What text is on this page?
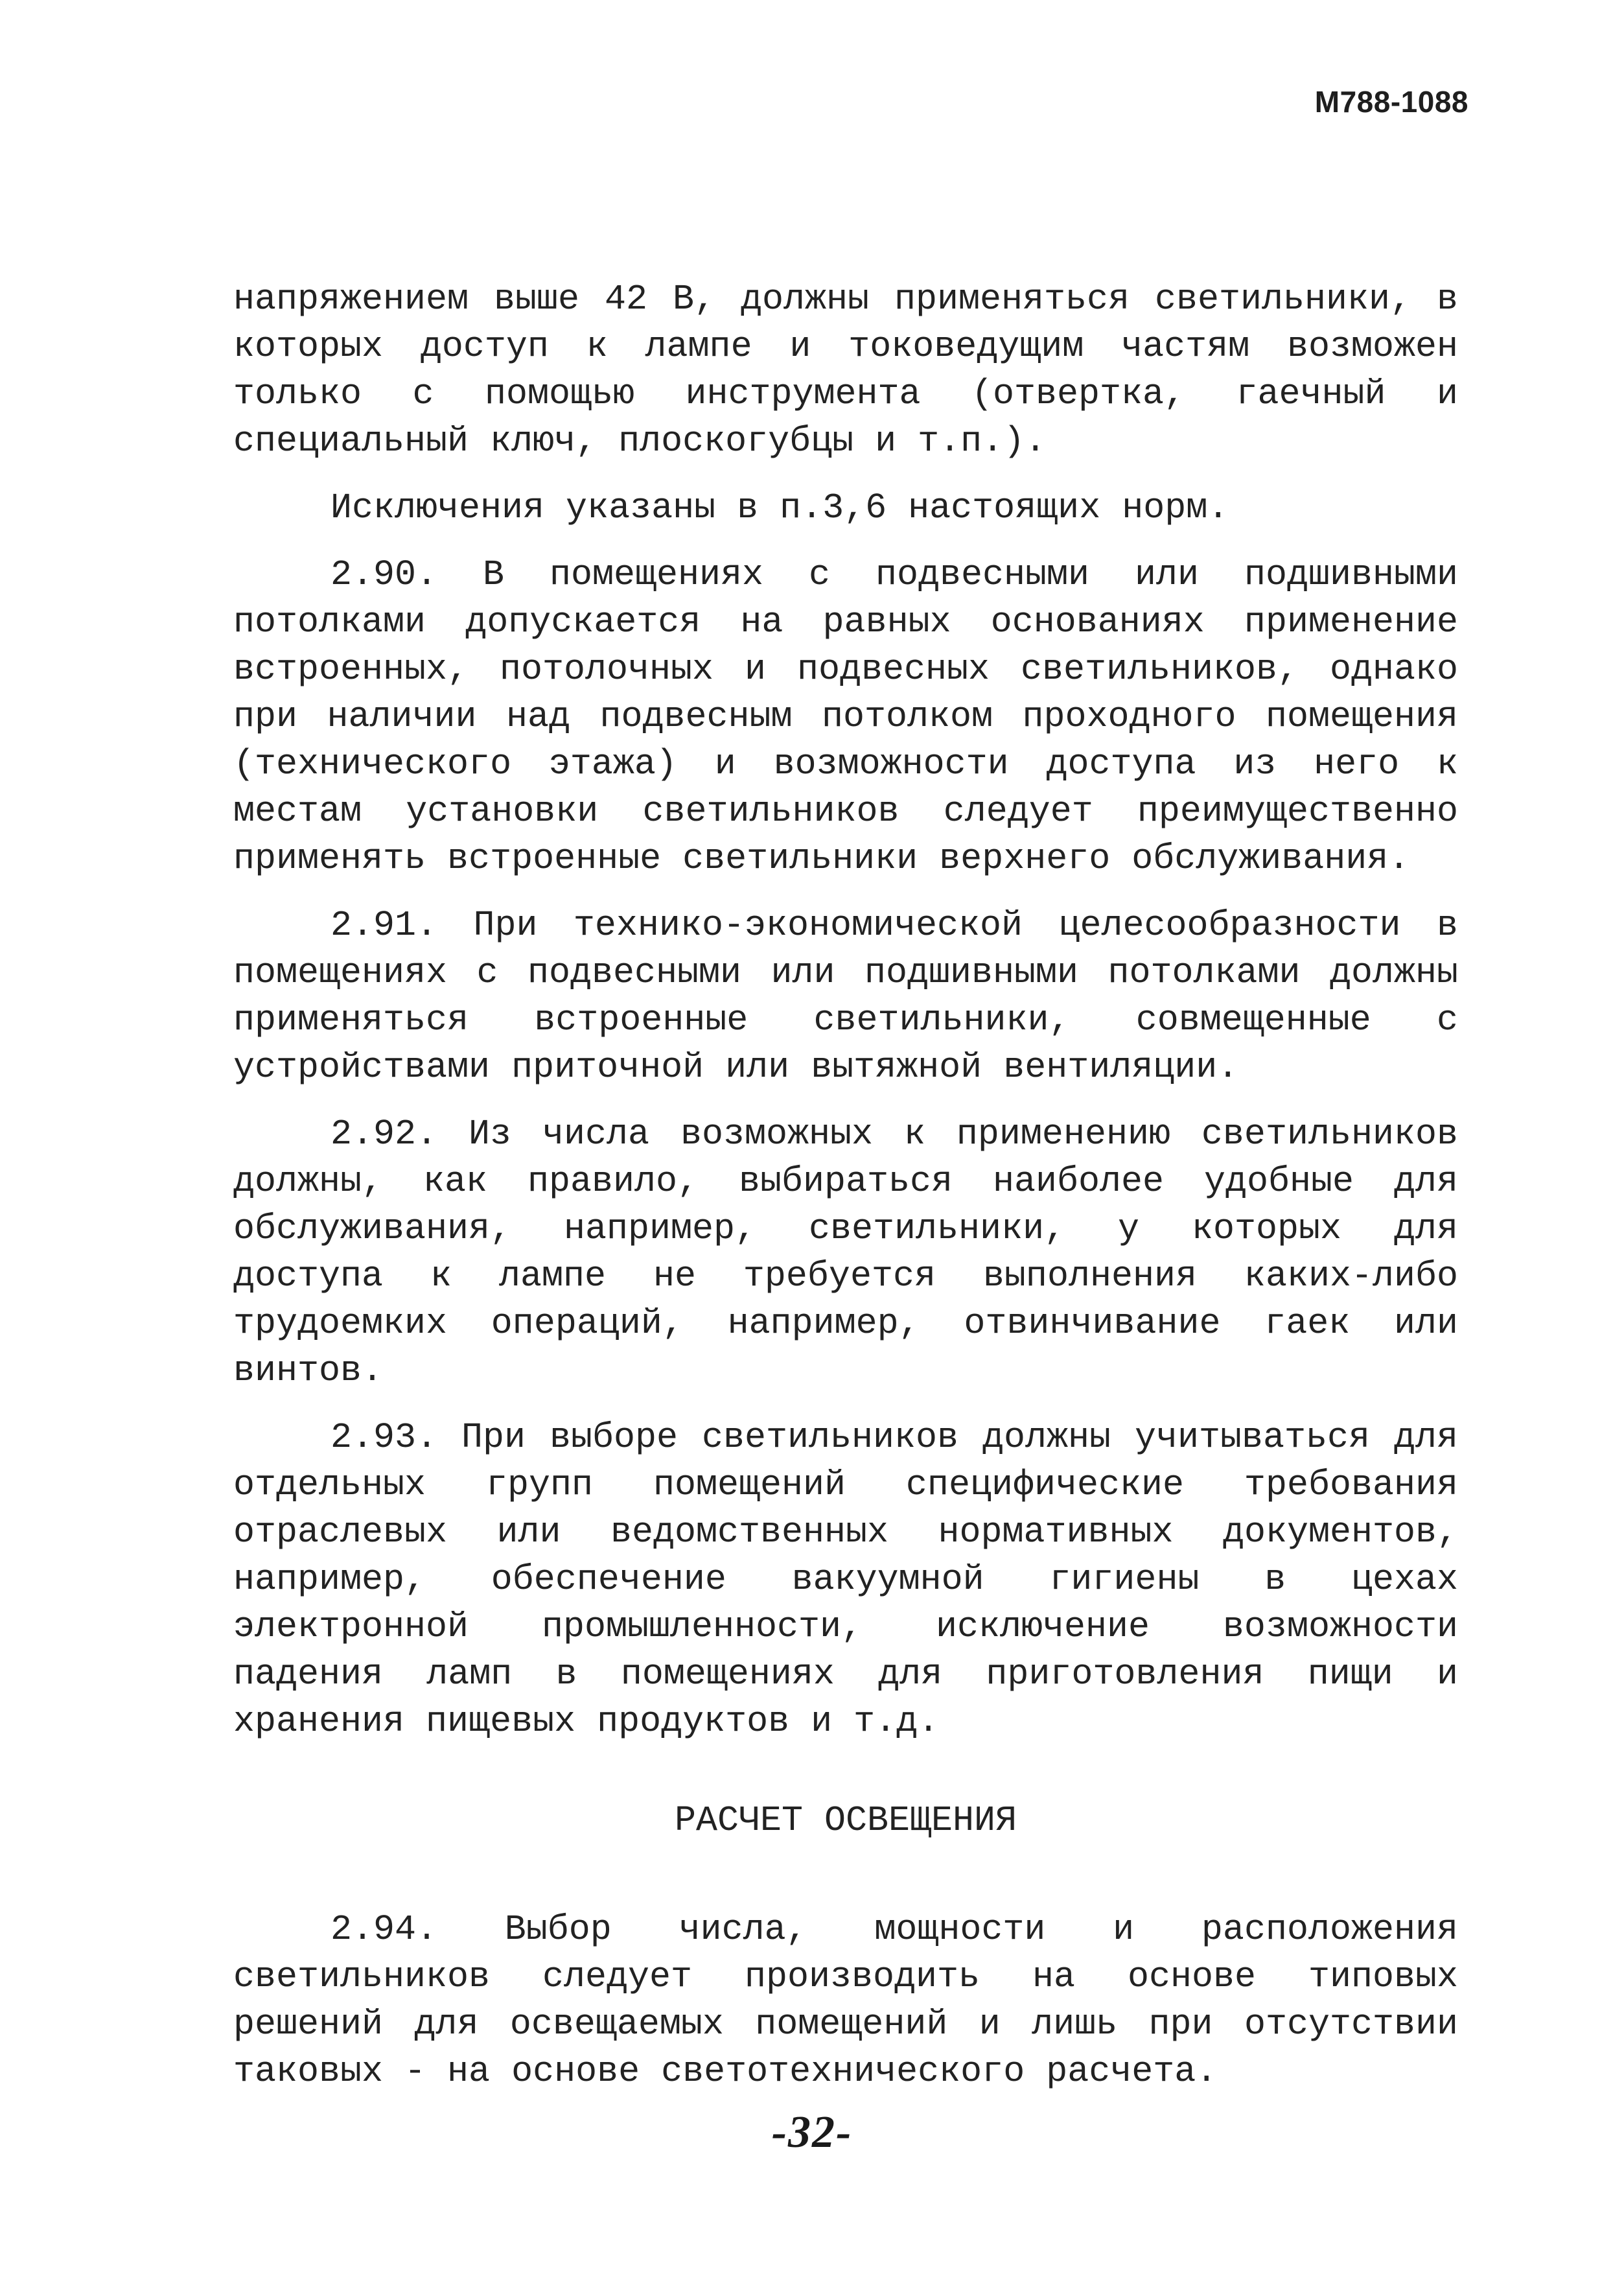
М788-1088

напряжением выше 42 В, должны применяться светильники, в которых доступ к лампе и токоведущим частям возможен только с помощью инструмента (отвертка, гаечный и специальный ключ, плоскогубцы и т.п.).

Исключения указаны в п.3,6 настоящих норм.

2.90. В помещениях с подвесными или подшивными потолками допускается на равных основаниях применение встроенных, потолочных и подвесных светильников, однако при наличии над подвесным потолком проходного помещения (технического этажа) и возможности доступа из него к местам установки светильников следует преимущественно применять встроенные светильники верхнего обслуживания.

2.91. При технико-экономической целесообразности в помещениях с подвесными или подшивными потолками должны применяться встроенные светильники, совмещенные с устройствами приточной или вытяжной вентиляции.

2.92. Из числа возможных к применению светильников должны, как правило, выбираться наиболее удобные для обслуживания, например, светильники, у которых для доступа к лампе не требуется выполнения каких-либо трудоемких операций, например, отвинчивание гаек или винтов.

2.93. При выборе светильников должны учитываться для отдельных групп помещений специфические требования отраслевых или ведомственных нормативных документов, например, обеспечение вакуумной гигиены в цехах электронной промышленности, исключение возможности падения ламп в помещениях для приготовления пищи и хранения пищевых продуктов и т.д.

РАСЧЕТ ОСВЕЩЕНИЯ

2.94. Выбор числа, мощности и расположения светильников следует производить на основе типовых решений для освещаемых помещений и лишь при отсутствии таковых - на основе светотехнического расчета.

-32-
